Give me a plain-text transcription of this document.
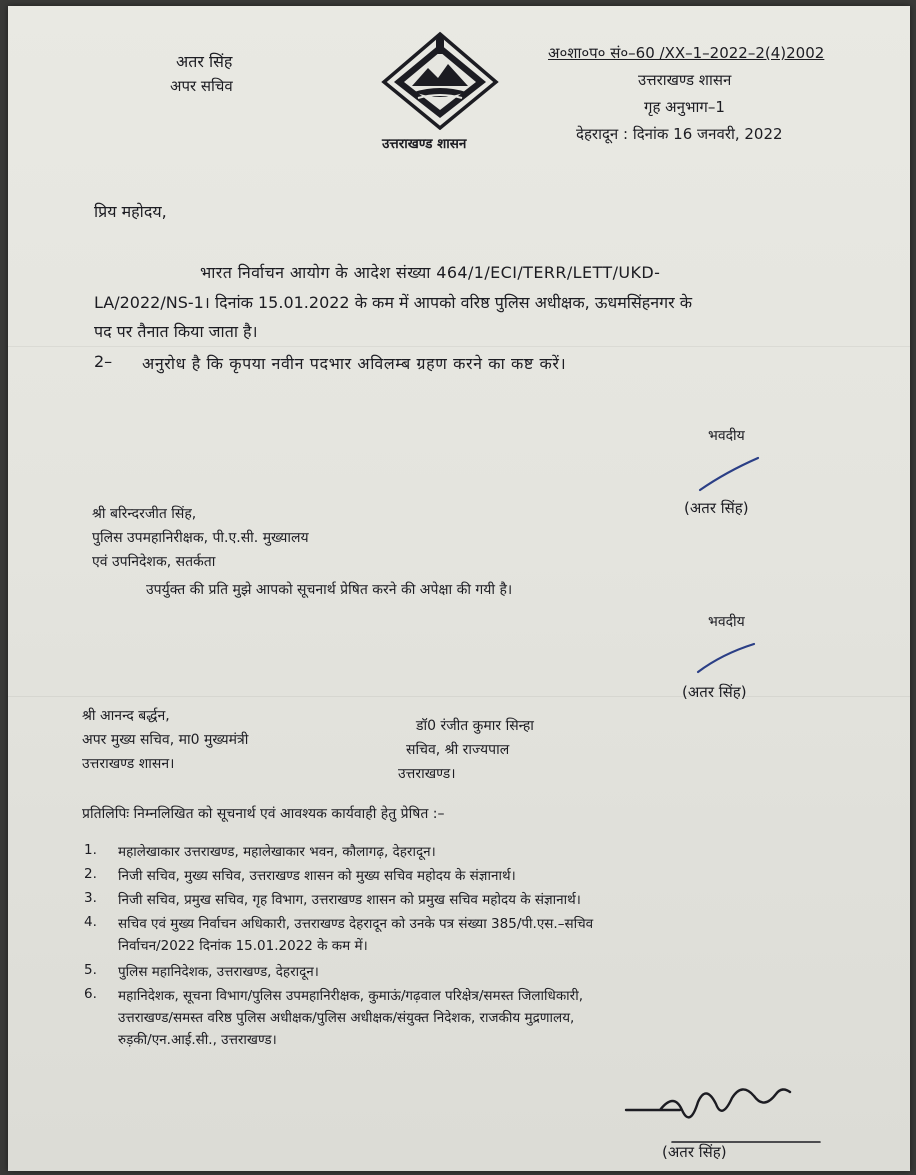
अतर सिंह
अपर सचिव
उत्तराखण्ड शासन
अ०शा०प० सं०–60 /XX–1–2022–2(4)2002
उत्तराखण्ड शासन
गृह अनुभाग–1
देहरादून : दिनांक 16 जनवरी, 2022
प्रिय महोदय,
भारत निर्वाचन आयोग के आदेश संख्या 464/1/ECI/TERR/LETT/UKD-
LA/2022/NS-1। दिनांक 15.01.2022 के कम में आपको वरिष्ठ पुलिस अधीक्षक, ऊधमसिंहनगर के
पद पर तैनात किया जाता है।
2– अनुरोध है कि कृपया नवीन पदभार अविलम्ब ग्रहण करने का कष्ट करें।
भवदीय
(अतर सिंह)
श्री बरिन्दरजीत सिंह,
पुलिस उपमहानिरीक्षक, पी.ए.सी. मुख्यालय
एवं उपनिदेशक, सतर्कता
उपर्युक्त की प्रति मुझे आपको सूचनार्थ प्रेषित करने की अपेक्षा की गयी है।
भवदीय
(अतर सिंह)
श्री आनन्द बर्द्धन,
अपर मुख्य सचिव, मा0 मुख्यमंत्री
उत्तराखण्ड शासन।
डॉ0 रंजीत कुमार सिन्हा
सचिव, श्री राज्यपाल
उत्तराखण्ड।
प्रतिलिपिः निम्नलिखित को सूचनार्थ एवं आवश्यक कार्यवाही हेतु प्रेषित :–
1. महालेखाकार उत्तराखण्ड, महालेखाकार भवन, कौलागढ़, देहरादून।
2. निजी सचिव, मुख्य सचिव, उत्तराखण्ड शासन को मुख्य सचिव महोदय के संज्ञानार्थ।
3. निजी सचिव, प्रमुख सचिव, गृह विभाग, उत्तराखण्ड शासन को प्रमुख सचिव महोदय के संज्ञानार्थ।
4. सचिव एवं मुख्य निर्वाचन अधिकारी, उत्तराखण्ड देहरादून को उनके पत्र संख्या 385/पी.एस.–सचिव
निर्वाचन/2022 दिनांक 15.01.2022 के कम में।
5. पुलिस महानिदेशक, उत्तराखण्ड, देहरादून।
6. महानिदेशक, सूचना विभाग/पुलिस उपमहानिरीक्षक, कुमाऊं/गढ़वाल परिक्षेत्र/समस्त जिलाधिकारी,
उत्तराखण्ड/समस्त वरिष्ठ पुलिस अधीक्षक/पुलिस अधीक्षक/संयुक्त निदेशक, राजकीय मुद्रणालय,
रुड़की/एन.आई.सी., उत्तराखण्ड।
(अतर सिंह)
